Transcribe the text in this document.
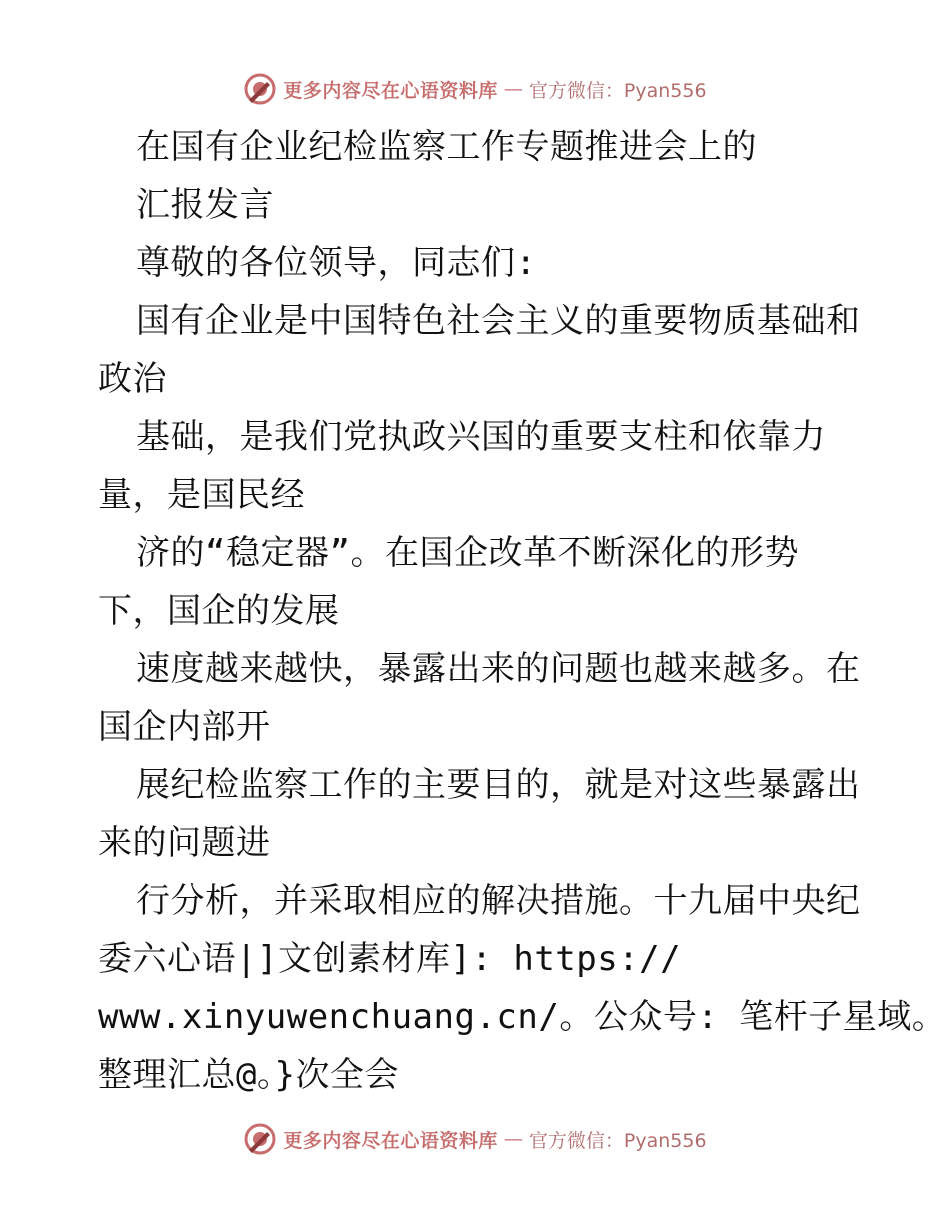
更多内容尽在心语资料库 — 官方微信：Pyan556
在国有企业纪检监察工作专题推进会上的
汇报发言
尊敬的各位领导，同志们:
国有企业是中国特色社会主义的重要物质基础和
政治
基础，是我们党执政兴国的重要支柱和依靠力
量，是国民经
济的“稳定器”。在国企改革不断深化的形势
下，国企的发展
速度越来越快，暴露出来的问题也越来越多。在
国企内部开
展纪检监察工作的主要目的，就是对这些暴露出
来的问题进
行分析，并采取相应的解决措施。十九届中央纪
委六心语|]文创素材库]: https://
www.xinyuwenchuang.cn/。公众号: 笔杆子星域。
整理汇总@。}次全会
更多内容尽在心语资料库 — 官方微信：Pyan556
